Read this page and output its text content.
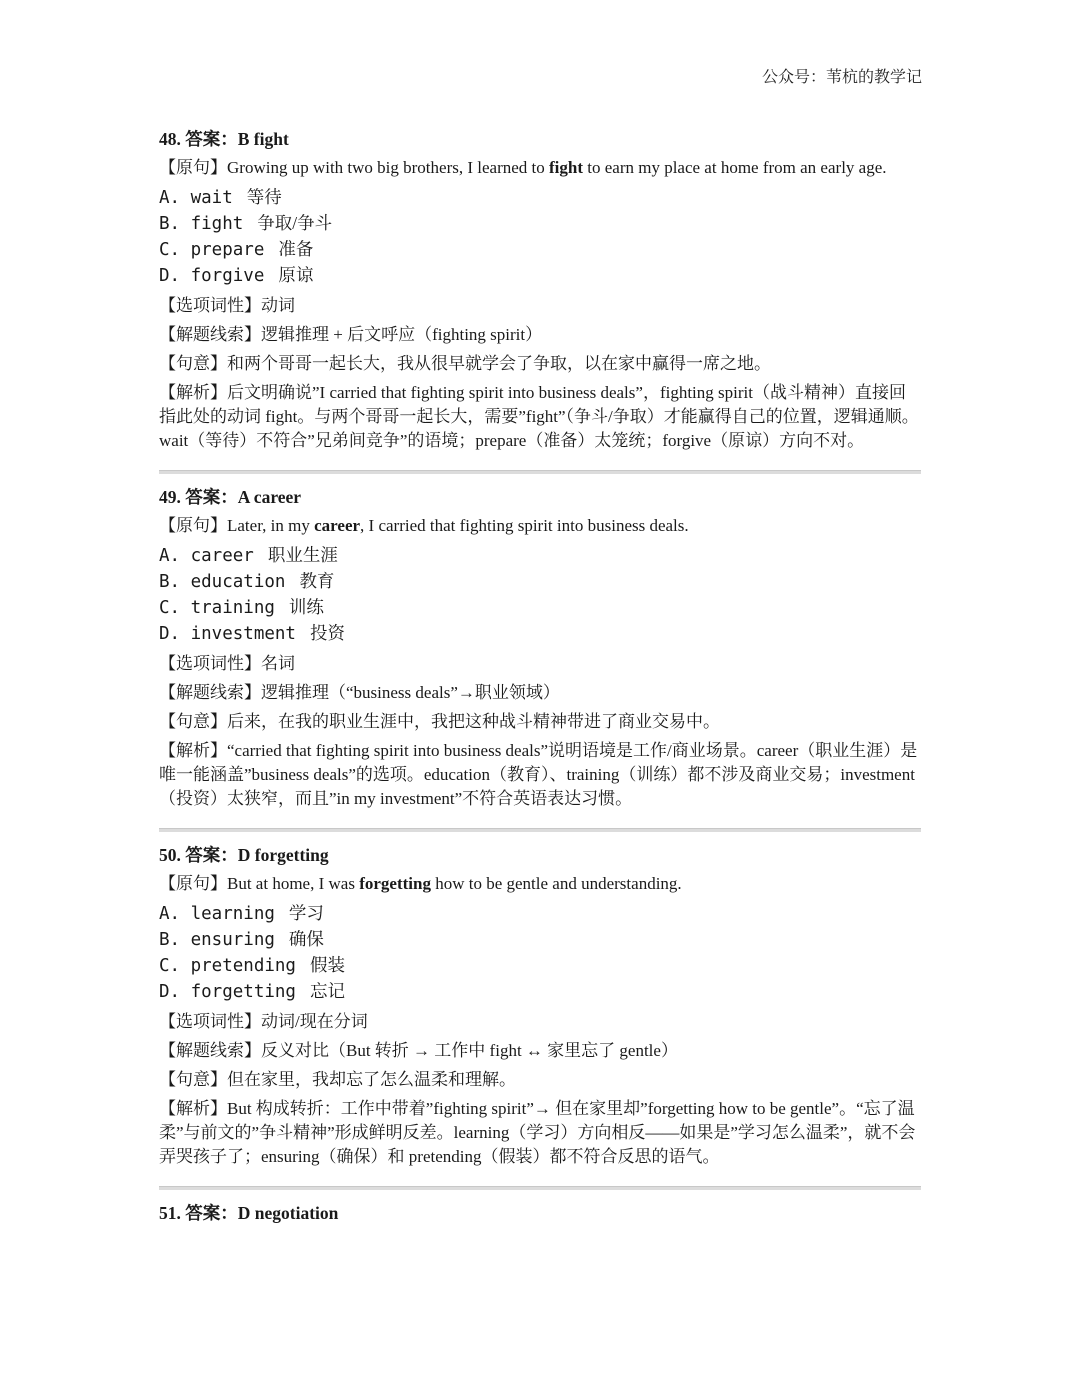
公众号：苇杭的教学记
48. 答案：B fight
【原句】Growing up with two big brothers, I learned to fight to earn my place at home from an early age.
A. wait 等待
B. fight 争取/争斗
C. prepare 准备
D. forgive 原谅
【选项词性】动词
【解题线索】逻辑推理 + 后文呼应（fighting spirit）
【句意】和两个哥哥一起长大，我从很早就学会了争取，以在家中赢得一席之地。
【解析】后文明确说”I carried that fighting spirit into business deals”，fighting spirit（战斗精神）直接回指此处的动词 fight。与两个哥哥一起长大，需要”fight”（争斗/争取）才能赢得自己的位置，逻辑通顺。wait（等待）不符合”兄弟间竞争”的语境；prepare（准备）太笼统；forgive（原谅）方向不对。
49. 答案：A career
【原句】Later, in my career, I carried that fighting spirit into business deals.
A. career 职业生涯
B. education 教育
C. training 训练
D. investment 投资
【选项词性】名词
【解题线索】逻辑推理（“business deals”→职业领域）
【句意】后来，在我的职业生涯中，我把这种战斗精神带进了商业交易中。
【解析】“carried that fighting spirit into business deals”说明语境是工作/商业场景。career（职业生涯）是唯一能涵盖”business deals”的选项。education（教育）、training（训练）都不涉及商业交易；investment（投资）太狭窄，而且”in my investment”不符合英语表达习惯。
50. 答案：D forgetting
【原句】But at home, I was forgetting how to be gentle and understanding.
A. learning 学习
B. ensuring 确保
C. pretending 假装
D. forgetting 忘记
【选项词性】动词/现在分词
【解题线索】反义对比（But 转折 → 工作中 fight ↔ 家里忘了 gentle）
【句意】但在家里，我却忘了怎么温柔和理解。
【解析】But 构成转折：工作中带着”fighting spirit”→ 但在家里却”forgetting how to be gentle”。“忘了温柔”与前文的”争斗精神”形成鲜明反差。learning（学习）方向相反——如果是”学习怎么温柔”，就不会弄哭孩子了；ensuring（确保）和 pretending（假装）都不符合反思的语气。
51. 答案：D negotiation
